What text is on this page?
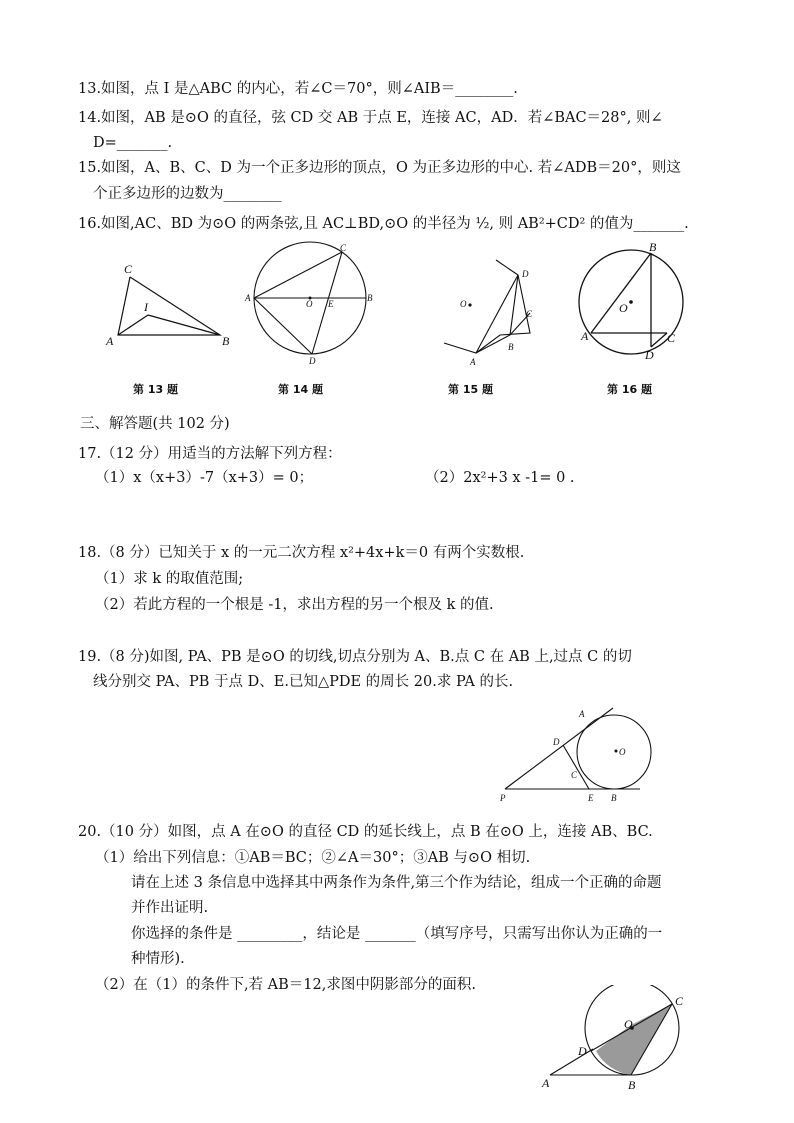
13.如图，点 I 是△ABC 的内心，若∠C＝70°，则∠AIB＝________.
14.如图，AB 是⊙O 的直径，弦 CD 交 AB 于点 E，连接 AC，AD．若∠BAC＝28°, 则∠
D=_______.
15.如图，A、B、C、D 为一个正多边形的顶点，O 为正多边形的中心. 若∠ADB＝20°，则这
个正多边形的边数为________
16.如图,AC、BD 为⊙O 的两条弦,且 AC⊥BD,⊙O 的半径为 ½, 则 AB²+CD² 的值为_______.
C
I
A	B
第 13 题
C
A
O E
B
D
第 14 题
D
O
C
B
A
第 15 题
B
O
A	C
D
第 16 题
三、解答题(共 102 分)
17.（12 分）用适当的方法解下列方程：
（1）x（x+3）-7（x+3）= 0；	（2）2x²+3 x -1= 0 .
18.（8 分）已知关于 x 的一元二次方程 x²+4x+k＝0 有两个实数根.
（1）求 k 的取值范围;
（2）若此方程的一个根是 -1，求出方程的另一个根及 k 的值.
19.（8 分)如图, PA、PB 是⊙O 的切线,切点分别为 A、B.点 C 在 AB 上,过点 C 的切
线分别交 PA、PB 于点 D、E.已知△PDE 的周长 20.求 PA 的长.
A
D
O
C
P	E B
20.（10 分）如图，点 A 在⊙O 的直径 CD 的延长线上，点 B 在⊙O 上，连接 AB、BC.
（1）给出下列信息：①AB＝BC；②∠A＝30°；③AB 与⊙O 相切.
请在上述 3 条信息中选择其中两条作为条件,第三个作为结论，组成一个正确的命题
并作出证明.
你选择的条件是 _________，结论是 _______（填写序号，只需写出你认为正确的一
种情形).
（2）在（1）的条件下,若 AB＝12,求图中阴影部分的面积.
C
O
D
A	B
